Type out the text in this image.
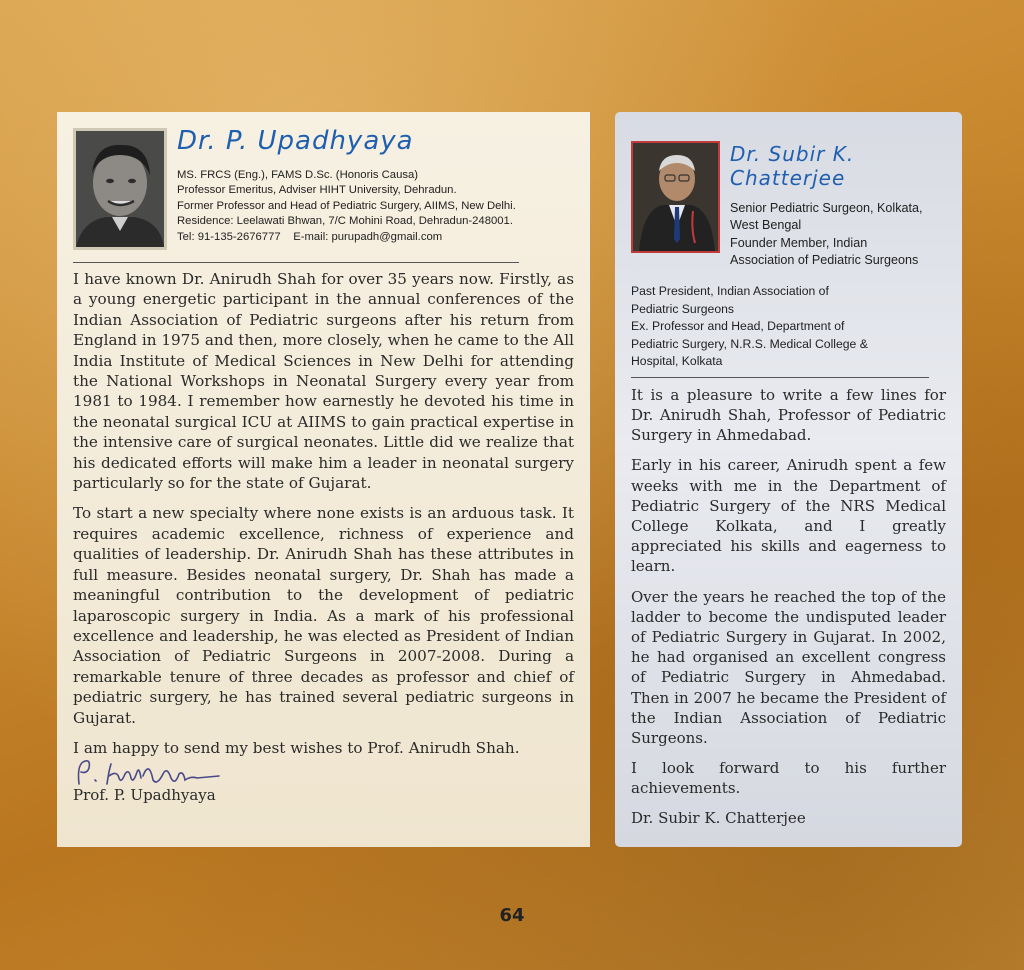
Dr. P. Upadhyaya
MS. FRCS (Eng.), FAMS D.Sc. (Honoris Causa)
Professor Emeritus, Adviser HIHT University, Dehradun.
Former Professor and Head of Pediatric Surgery, AIIMS, New Delhi.
Residence: Leelawati Bhwan, 7/C Mohini Road, Dehradun-248001.
Tel: 91-135-2676777    E-mail: purupadh@gmail.com

I have known Dr. Anirudh Shah for over 35 years now. Firstly, as a young energetic participant in the annual conferences of the Indian Association of Pediatric surgeons after his return from England in 1975 and then, more closely, when he came to the All India Institute of Medical Sciences in New Delhi for attending the National Workshops in Neonatal Surgery every year from 1981 to 1984. I remember how earnestly he devoted his time in the neonatal surgical ICU at AIIMS to gain practical expertise in the intensive care of surgical neonates. Little did we realize that his dedicated efforts will make him a leader in neonatal surgery particularly so for the state of Gujarat.

To start a new specialty where none exists is an arduous task. It requires academic excellence, richness of experience and qualities of leadership. Dr. Anirudh Shah has these attributes in full measure. Besides neonatal surgery, Dr. Shah has made a meaningful contribution to the development of pediatric laparoscopic surgery in India. As a mark of his professional excellence and leadership, he was elected as President of Indian Association of Pediatric Surgeons in 2007-2008. During a remarkable tenure of three decades as professor and chief of pediatric surgery, he has trained several pediatric surgeons in Gujarat.

I am happy to send my best wishes to Prof. Anirudh Shah.

Prof. P. Upadhyaya
Dr. Subir K. Chatterjee
Senior Pediatric Surgeon, Kolkata,
West Bengal
Founder Member, Indian
Association of Pediatric Surgeons
Past President, Indian Association of
Pediatric Surgeons
Ex. Professor and Head, Department of
Pediatric Surgery, N.R.S. Medical College &
Hospital, Kolkata

It is a pleasure to write a few lines for Dr. Anirudh Shah, Professor of Pediatric Surgery in Ahmedabad.

Early in his career, Anirudh spent a few weeks with me in the Department of Pediatric Surgery of the NRS Medical College Kolkata, and I greatly appreciated his skills and eagerness to learn.

Over the years he reached the top of the ladder to become the undisputed leader of Pediatric Surgery in Gujarat. In 2002, he had organised an excellent congress of Pediatric Surgery in Ahmedabad. Then in 2007 he became the President of the Indian Association of Pediatric Surgeons.

I look forward to his further achievements.

Dr. Subir K. Chatterjee
64
